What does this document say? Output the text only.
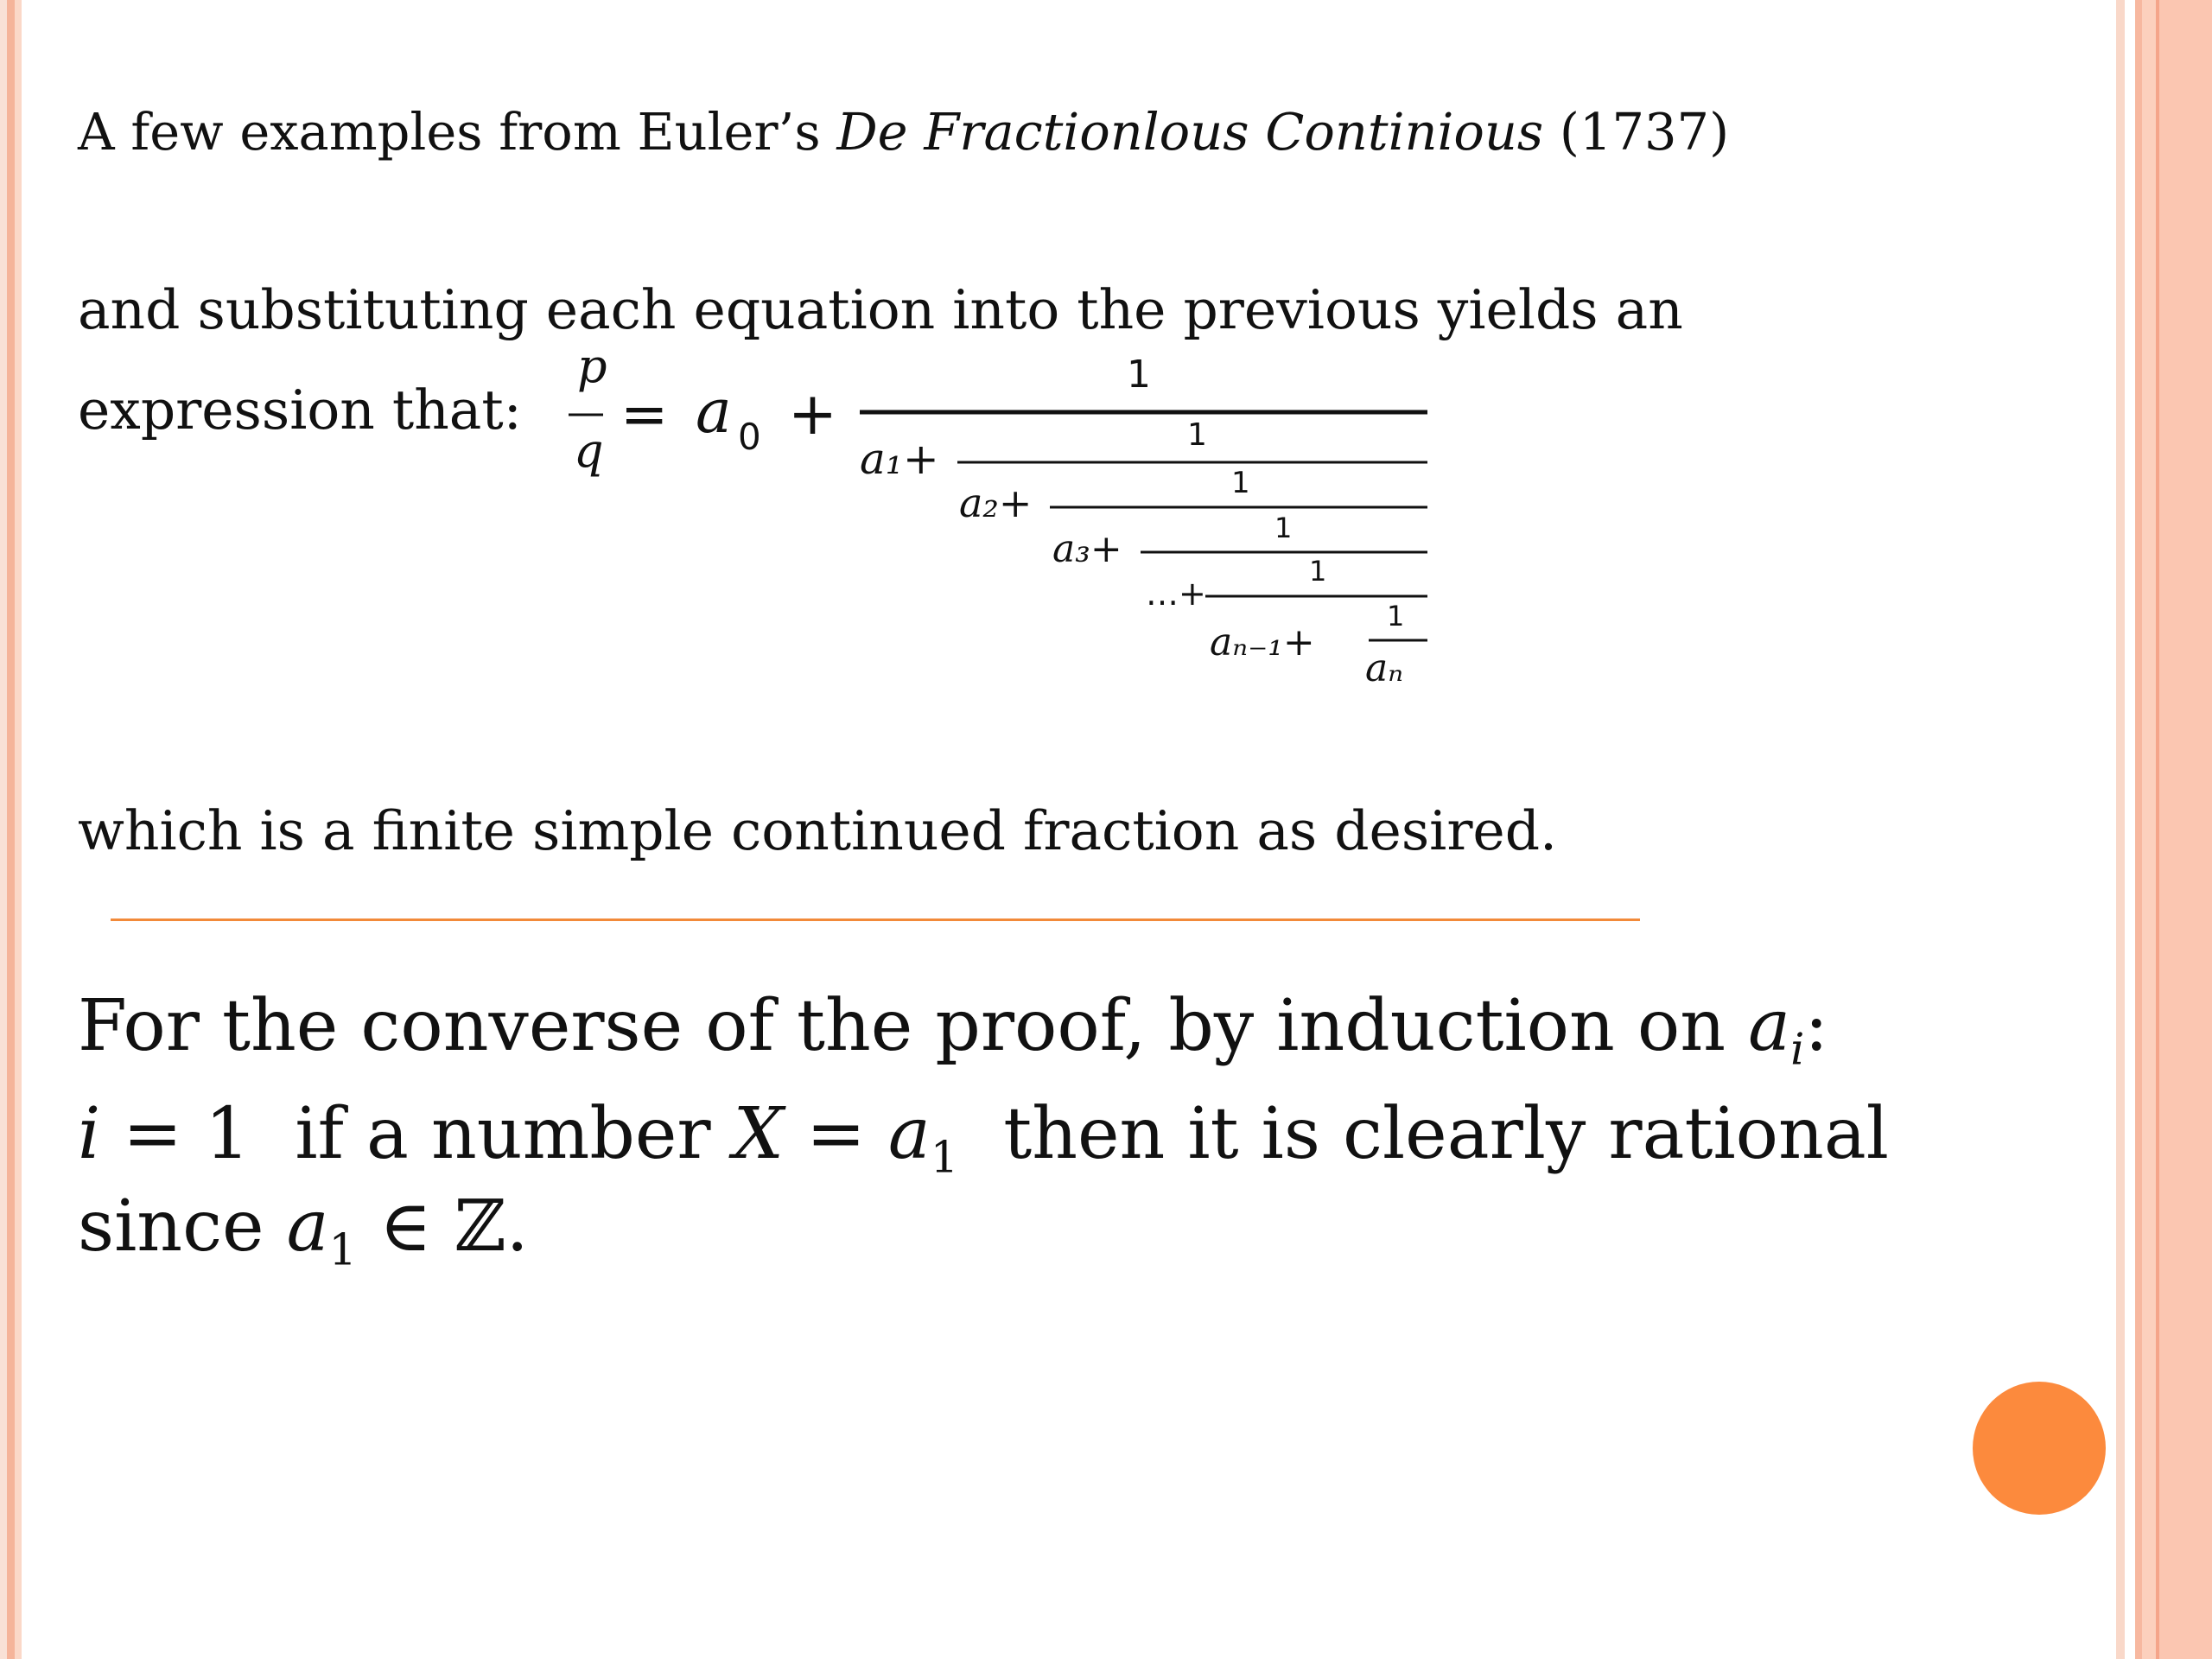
A few examples from Euler’s De Fractionlous Continious (1737)
and substituting each equation into the previous yields an
expression that:
p
q
= a 0 +
1
a₁+	1
a₂+	1
a₃+	1
…+
1
aₙ₋₁+
1
aₙ
which is a finite simple continued fraction as desired.
For the converse of the proof, by induction on $a_i$:
i = 1  if a number $X = a_1$  then it is clearly rational
since $a_1$ ∈ ℤ.
